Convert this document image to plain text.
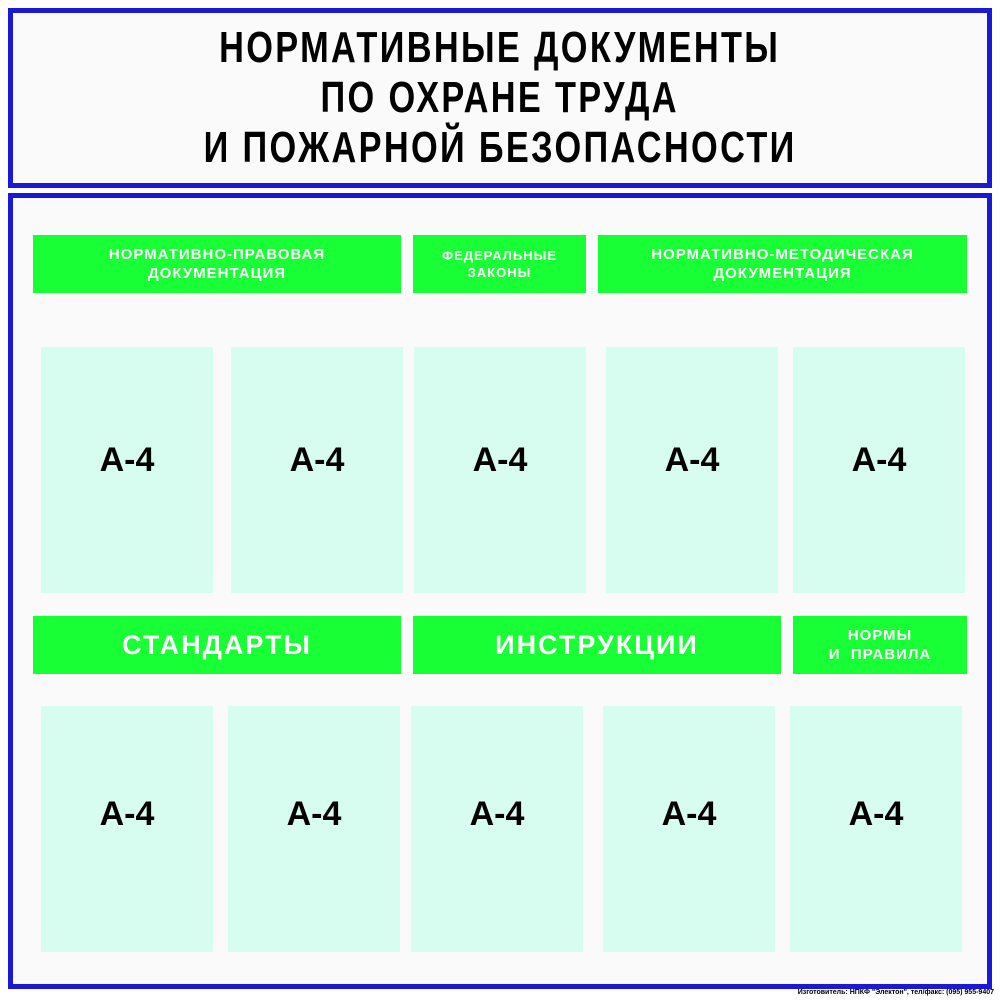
НОРМАТИВНЫЕ ДОКУМЕНТЫ
ПО ОХРАНЕ ТРУДА
И ПОЖАРНОЙ БЕЗОПАСНОСТИ
НОРМАТИВНО-ПРАВОВАЯ
ДОКУМЕНТАЦИЯ
ФЕДЕРАЛЬНЫЕ
ЗАКОНЫ
НОРМАТИВНО-МЕТОДИЧЕСКАЯ
ДОКУМЕНТАЦИЯ
А-4	А-4	А-4	А-4	А-4
СТАНДАРТЫ	ИНСТРУКЦИИ	НОРМЫ
И  ПРАВИЛА
А-4	А-4	А-4	А-4	А-4
Изготовитель: НПКФ "Электон", тел/факс: (095) 955-9407
